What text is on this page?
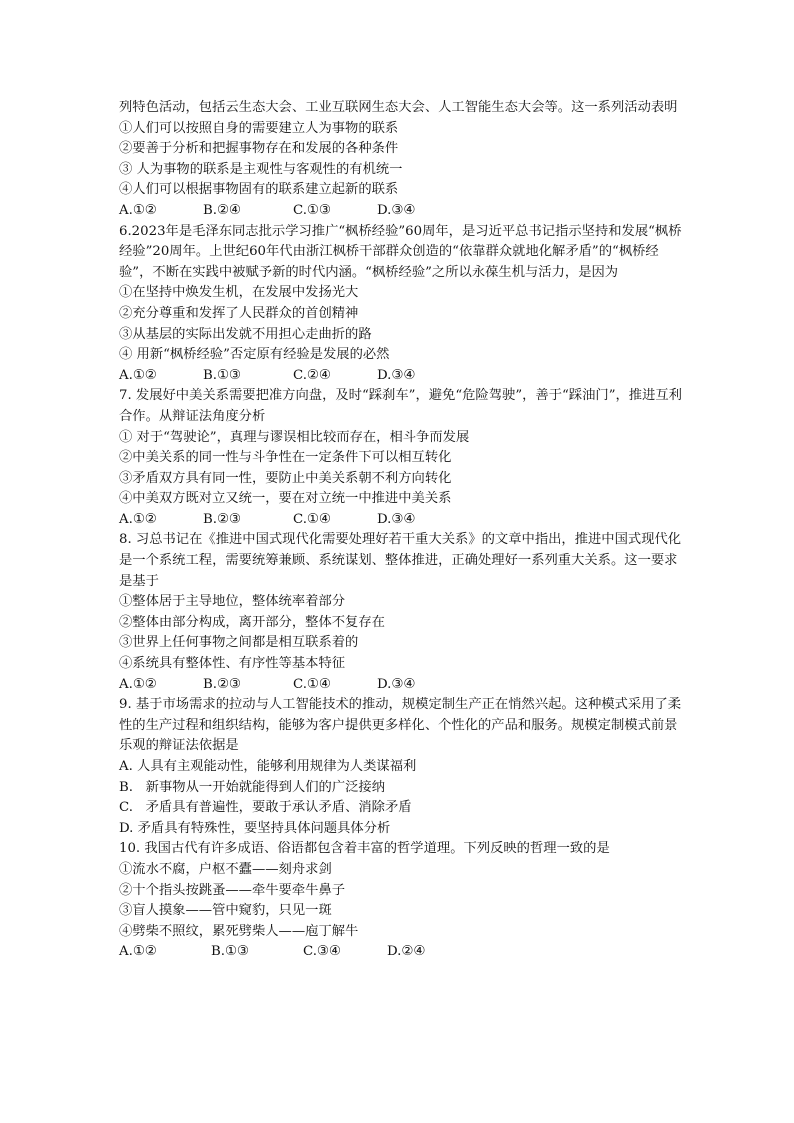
列特色活动，包括云生态大会、工业互联网生态大会、人工智能生态大会等。这一系列活动表明
①人们可以按照自身的需要建立人为事物的联系
②要善于分析和把握事物存在和发展的各种条件
③ 人为事物的联系是主观性与客观性的有机统一
④人们可以根据事物固有的联系建立起新的联系
A.①②	B.②④	C.①③	D.③④
6.2023年是毛泽东同志批示学习推广“枫桥经验”60周年，是习近平总书记指示坚持和发展“枫桥经验”20周年。上世纪60年代由浙江枫桥干部群众创造的“依靠群众就地化解矛盾”的“枫桥经验”，不断在实践中被赋予新的时代内涵。“枫桥经验”之所以永葆生机与活力，是因为
①在坚持中焕发生机，在发展中发扬光大
②充分尊重和发挥了人民群众的首创精神
③从基层的实际出发就不用担心走曲折的路
④ 用新“枫桥经验”否定原有经验是发展的必然
A.①②	B.①③	C.②④	D.③④
7. 发展好中美关系需要把准方向盘，及时“踩刹车”，避免“危险驾驶”，善于“踩油门”，推进互利合作。从辩证法角度分析
① 对于“驾驶论”，真理与谬误相比较而存在，相斗争而发展
②中美关系的同一性与斗争性在一定条件下可以相互转化
③矛盾双方具有同一性，要防止中美关系朝不利方向转化
④中美双方既对立又统一，要在对立统一中推进中美关系
A.①②	B.②③	C.①④	D.③④
8. 习总书记在《推进中国式现代化需要处理好若干重大关系》的文章中指出，推进中国式现代化是一个系统工程，需要统筹兼顾、系统谋划、整体推进，正确处理好一系列重大关系。这一要求是基于
①整体居于主导地位，整体统率着部分
②整体由部分构成，离开部分，整体不复存在
③世界上任何事物之间都是相互联系着的
④系统具有整体性、有序性等基本特征
A.①②	B.②③	C.①④	D.③④
9. 基于市场需求的拉动与人工智能技术的推动，规模定制生产正在悄然兴起。这种模式采用了柔性的生产过程和组织结构，能够为客户提供更多样化、个性化的产品和服务。规模定制模式前景乐观的辩证法依据是
A. 人具有主观能动性，能够利用规律为人类谋福利
B.   新事物从一开始就能得到人们的广泛接纳
C.   矛盾具有普遍性，要敢于承认矛盾、消除矛盾
D. 矛盾具有特殊性，要坚持具体问题具体分析
10. 我国古代有许多成语、俗语都包含着丰富的哲学道理。下列反映的哲理一致的是
①流水不腐，户枢不蠹——刻舟求剑
②十个指头按跳蚤——牵牛要牵牛鼻子
③盲人摸象——管中窥豹，只见一斑
④劈柴不照纹，累死劈柴人——庖丁解牛
A.①②	B.①③	C.③④	D.②④
